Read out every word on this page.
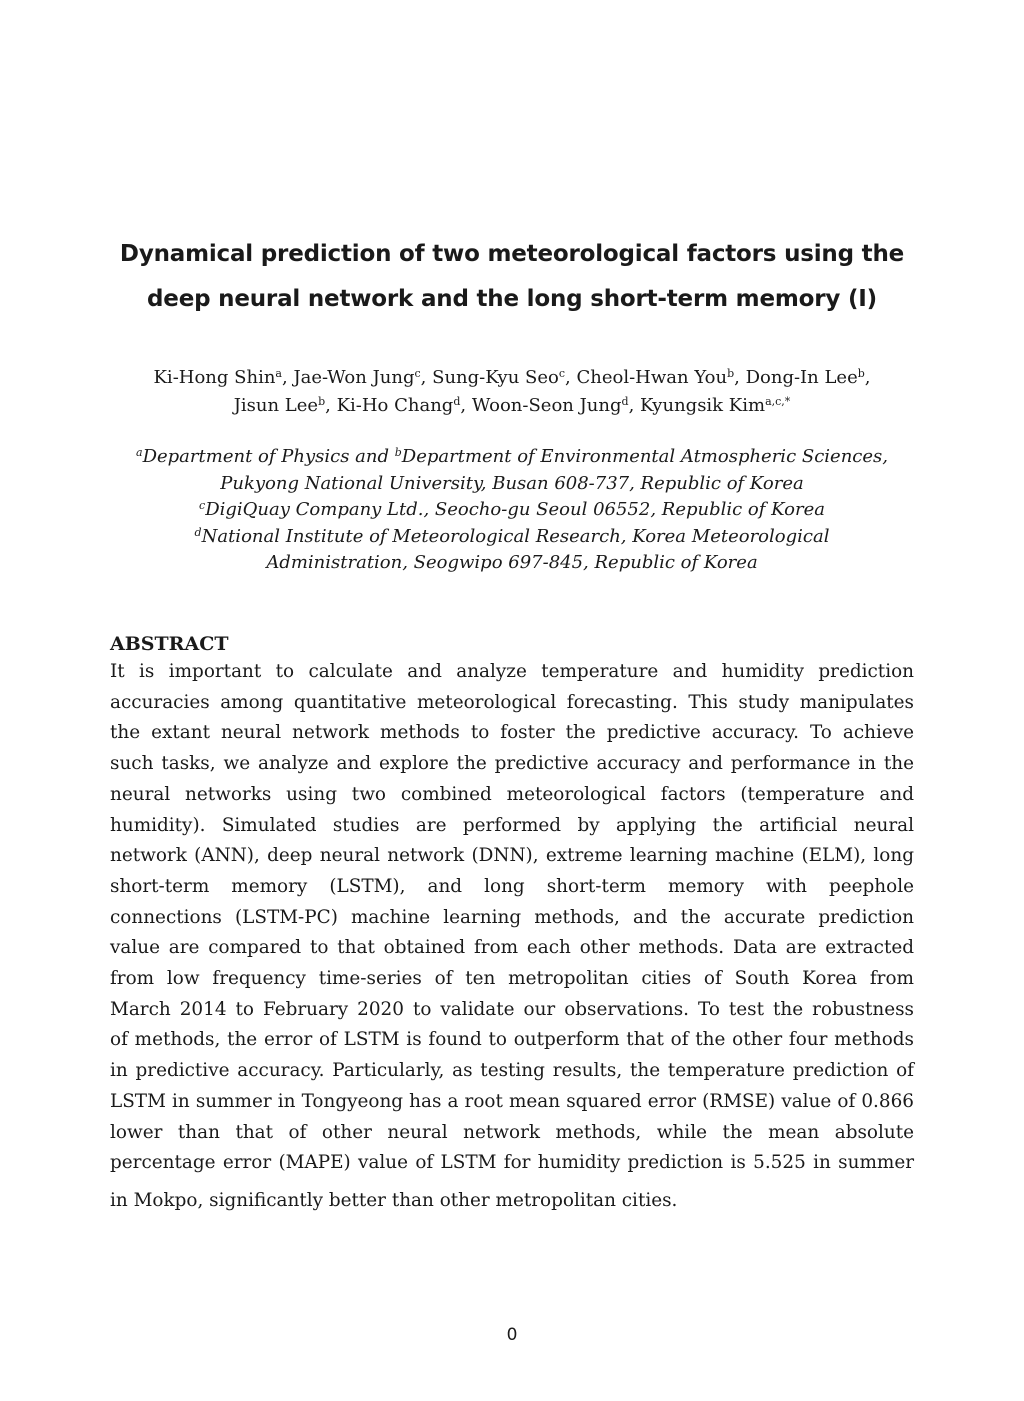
Dynamical prediction of two meteorological factors using the
deep neural network and the long short-term memory (Ⅰ)
Ki-Hong Shin$^a$, Jae-Won Jung$^c$, Sung-Kyu Seo$^c$, Cheol-Hwan You$^b$, Dong-In Lee$^b$,
Jisun Lee$^b$, Ki-Ho Chang$^d$, Woon-Seon Jung$^d$, Kyungsik Kim$^{a,c,*}$
$^a$Department of Physics and $^b$Department of Environmental Atmospheric Sciences,
Pukyong National University, Busan 608-737, Republic of Korea
$^c$DigiQuay Company Ltd., Seocho-gu Seoul 06552, Republic of Korea
$^d$National Institute of Meteorological Research, Korea Meteorological
Administration, Seogwipo 697-845, Republic of Korea
ABSTRACT
It is important to calculate and analyze temperature and humidity prediction
accuracies among quantitative meteorological forecasting. This study manipulates
the extant neural network methods to foster the predictive accuracy. To achieve
such tasks, we analyze and explore the predictive accuracy and performance in the
neural networks using two combined meteorological factors (temperature and
humidity). Simulated studies are performed by applying the artificial neural
network (ANN), deep neural network (DNN), extreme learning machine (ELM), long
short-term memory (LSTM), and long short-term memory with peephole
connections (LSTM-PC) machine learning methods, and the accurate prediction
value are compared to that obtained from each other methods. Data are extracted
from low frequency time-series of ten metropolitan cities of South Korea from
March 2014 to February 2020 to validate our observations. To test the robustness
of methods, the error of LSTM is found to outperform that of the other four methods
in predictive accuracy. Particularly, as testing results, the temperature prediction of
LSTM in summer in Tongyeong has a root mean squared error (RMSE) value of 0.866
lower than that of other neural network methods, while the mean absolute
percentage error (MAPE) value of LSTM for humidity prediction is 5.525 in summer
in Mokpo, significantly better than other metropolitan cities.
0
